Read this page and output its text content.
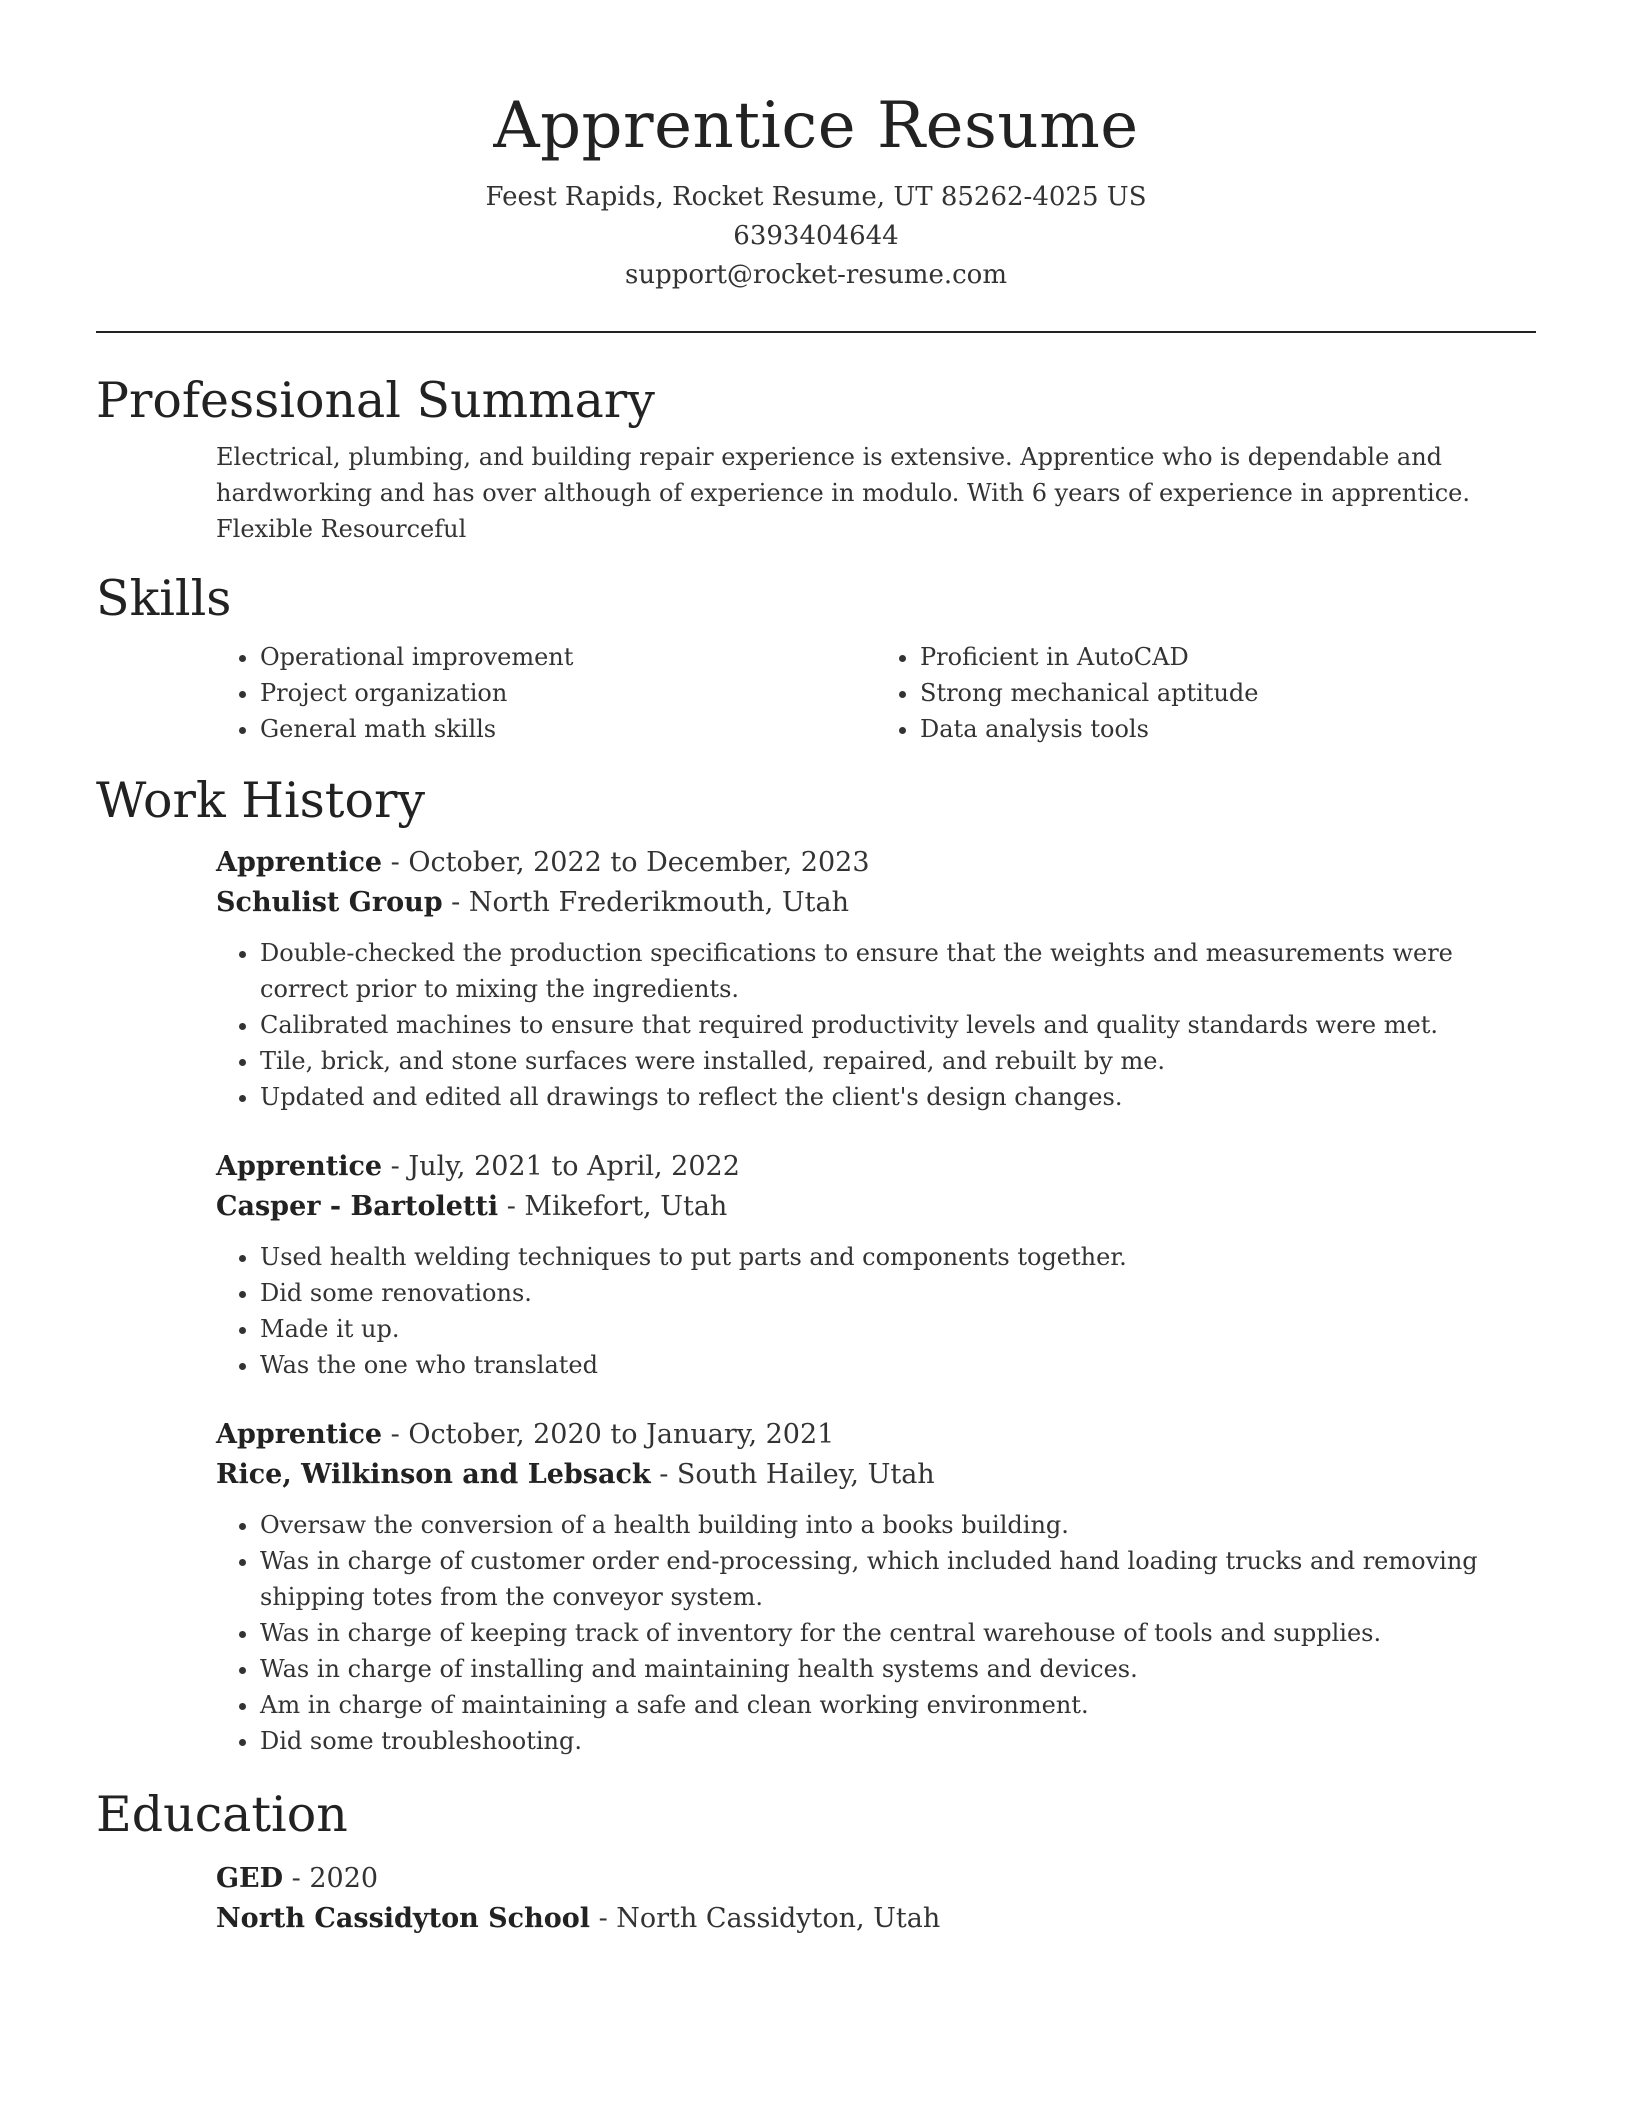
Apprentice Resume
Feest Rapids, Rocket Resume, UT 85262-4025 US
6393404644
support@rocket-resume.com
Professional Summary

Electrical, plumbing, and building repair experience is extensive. Apprentice who is dependable and hardworking and has over although of experience in modulo. With 6 years of experience in apprentice. Flexible Resourceful

Skills
• Operational improvement
• Project organization
• General math skills
• Proficient in AutoCAD
• Strong mechanical aptitude
• Data analysis tools
Work History
Apprentice - October, 2022 to December, 2023
Schulist Group - North Frederikmouth, Utah
• Double-checked the production specifications to ensure that the weights and measurements were correct prior to mixing the ingredients.
• Calibrated machines to ensure that required productivity levels and quality standards were met.
• Tile, brick, and stone surfaces were installed, repaired, and rebuilt by me.
• Updated and edited all drawings to reflect the client's design changes.
Apprentice - July, 2021 to April, 2022
Casper - Bartoletti - Mikefort, Utah
• Used health welding techniques to put parts and components together.
• Did some renovations.
• Made it up.
• Was the one who translated
Apprentice - October, 2020 to January, 2021
Rice, Wilkinson and Lebsack - South Hailey, Utah
• Oversaw the conversion of a health building into a books building.
• Was in charge of customer order end-processing, which included hand loading trucks and removing shipping totes from the conveyor system.
• Was in charge of keeping track of inventory for the central warehouse of tools and supplies.
• Was in charge of installing and maintaining health systems and devices.
• Am in charge of maintaining a safe and clean working environment.
• Did some troubleshooting.
Education
GED - 2020
North Cassidyton School - North Cassidyton, Utah
